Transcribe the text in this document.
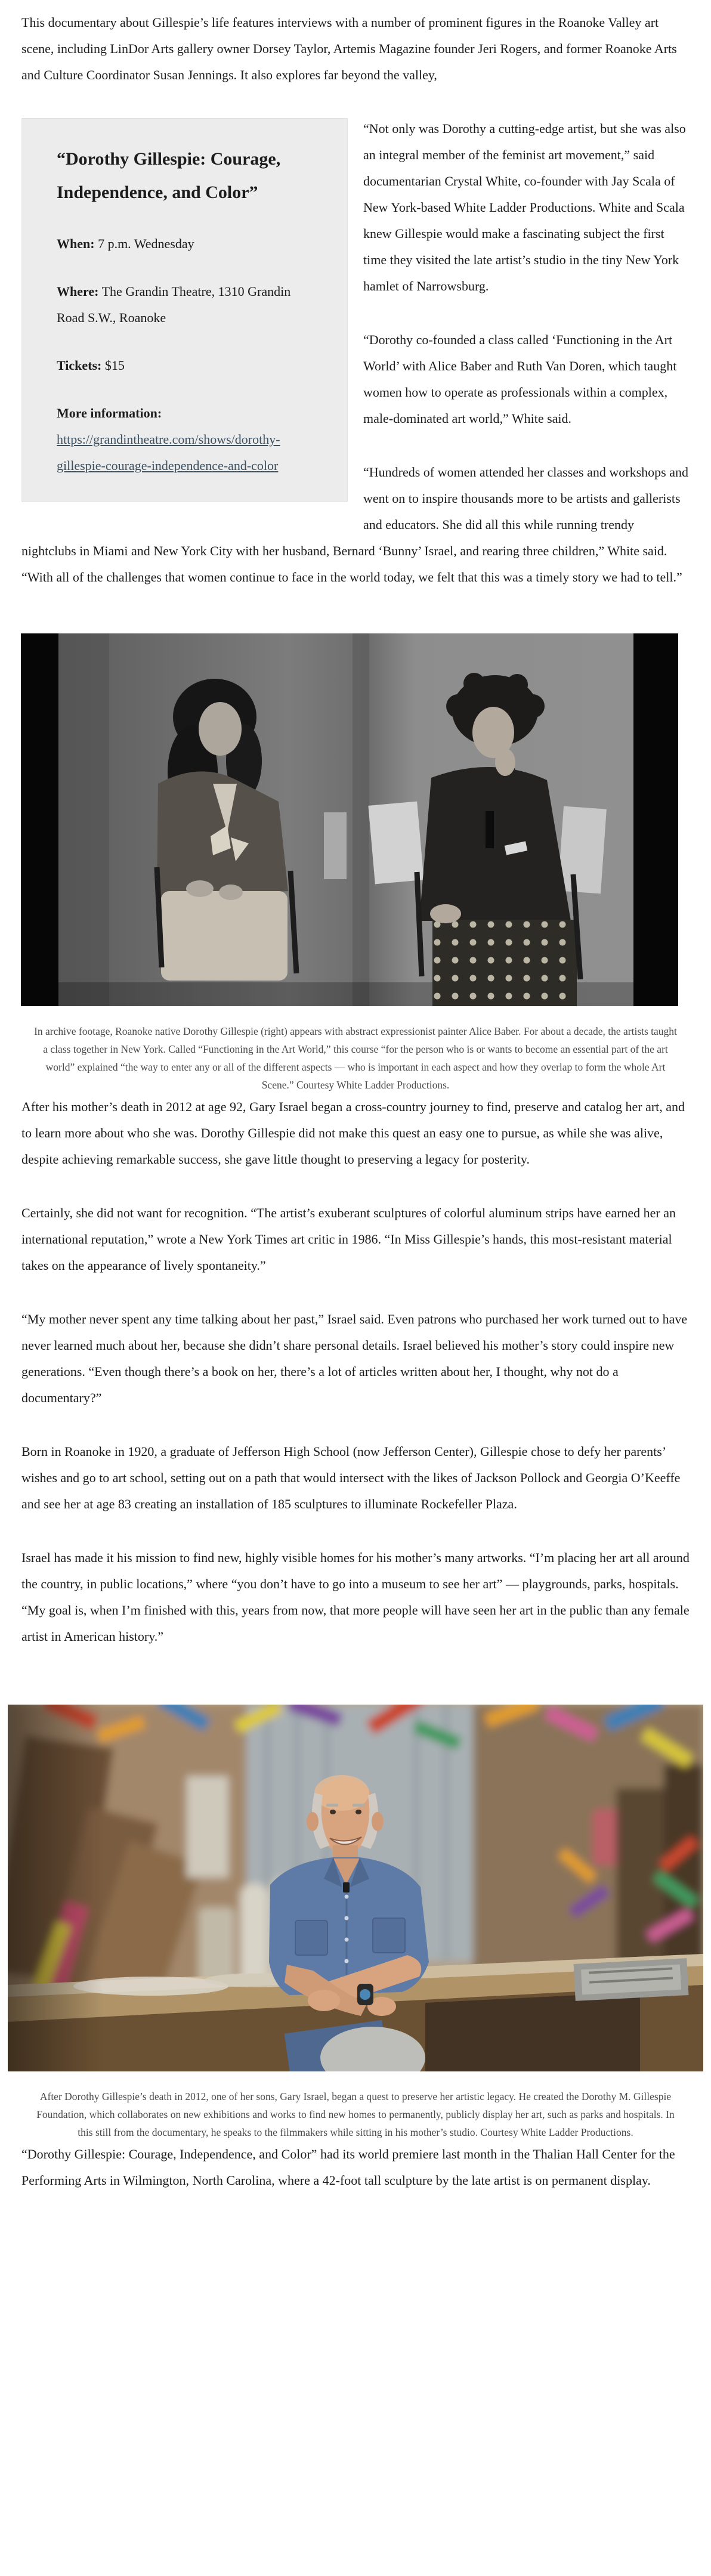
This documentary about Gillespie’s life features interviews with a number of prominent figures in the Roanoke Valley art scene, including LinDor Arts gallery owner Dorsey Taylor, Artemis Magazine founder Jeri Rogers, and former Roanoke Arts and Culture Coordinator Susan Jennings. It also explores far beyond the valley,

“Dorothy Gillespie: Courage, Independence, and Color”

When: 7 p.m. Wednesday

Where: The Grandin Theatre, 1310 Grandin Road S.W., Roanoke

Tickets: $15

More information: https://grandintheatre.com/shows/dorothy-gillespie-courage-independence-and-color

“Not only was Dorothy a cutting-edge artist, but she was also an integral member of the feminist art movement,” said documentarian Crystal White, co-founder with Jay Scala of New York-based White Ladder Productions. White and Scala knew Gillespie would make a fascinating subject the first time they visited the late artist’s studio in the tiny New York hamlet of Narrowsburg.

“Dorothy co-founded a class called ‘Functioning in the Art World’ with Alice Baber and Ruth Van Doren, which taught women how to operate as professionals within a complex, male-dominated art world,” White said.

“Hundreds of women attended her classes and workshops and went on to inspire thousands more to be artists and gallerists and educators. She did all this while running trendy nightclubs in Miami and New York City with her husband, Bernard ‘Bunny’ Israel, and rearing three children,” White said. “With all of the challenges that women continue to face in the world today, we felt that this was a timely story we had to tell.”

In archive footage, Roanoke native Dorothy Gillespie (right) appears with abstract expressionist painter Alice Baber. For about a decade, the artists taught a class together in New York. Called “Functioning in the Art World,” this course “for the person who is or wants to become an essential part of the art world” explained “the way to enter any or all of the different aspects — who is important in each aspect and how they overlap to form the whole Art Scene.” Courtesy White Ladder Productions.

After his mother’s death in 2012 at age 92, Gary Israel began a cross-country journey to find, preserve and catalog her art, and to learn more about who she was. Dorothy Gillespie did not make this quest an easy one to pursue, as while she was alive, despite achieving remarkable success, she gave little thought to preserving a legacy for posterity.

Certainly, she did not want for recognition. “The artist’s exuberant sculptures of colorful aluminum strips have earned her an international reputation,” wrote a New York Times art critic in 1986. “In Miss Gillespie’s hands, this most-resistant material takes on the appearance of lively spontaneity.”

“My mother never spent any time talking about her past,” Israel said. Even patrons who purchased her work turned out to have never learned much about her, because she didn’t share personal details. Israel believed his mother’s story could inspire new generations. “Even though there’s a book on her, there’s a lot of articles written about her, I thought, why not do a documentary?”

Born in Roanoke in 1920, a graduate of Jefferson High School (now Jefferson Center), Gillespie chose to defy her parents’ wishes and go to art school, setting out on a path that would intersect with the likes of Jackson Pollock and Georgia O’Keeffe and see her at age 83 creating an installation of 185 sculptures to illuminate Rockefeller Plaza.

Israel has made it his mission to find new, highly visible homes for his mother’s many artworks. “I’m placing her art all around the country, in public locations,” where “you don’t have to go into a museum to see her art” — playgrounds, parks, hospitals. “My goal is, when I’m finished with this, years from now, that more people will have seen her art in the public than any female artist in American history.”

After Dorothy Gillespie’s death in 2012, one of her sons, Gary Israel, began a quest to preserve her artistic legacy. He created the Dorothy M. Gillespie Foundation, which collaborates on new exhibitions and works to find new homes to permanently, publicly display her art, such as parks and hospitals. In this still from the documentary, he speaks to the filmmakers while sitting in his mother’s studio. Courtesy White Ladder Productions.

“Dorothy Gillespie: Courage, Independence, and Color” had its world premiere last month in the Thalian Hall Center for the Performing Arts in Wilmington, North Carolina, where a 42-foot tall sculpture by the late artist is on permanent display.
